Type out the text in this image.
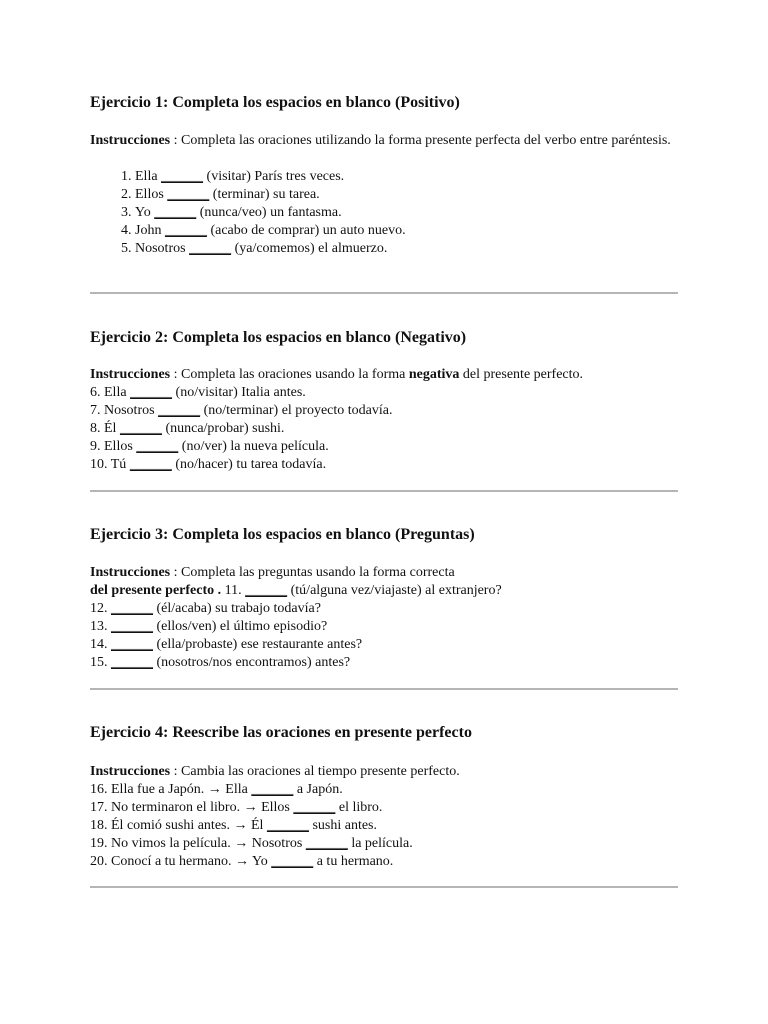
Ejercicio 1: Completa los espacios en blanco (Positivo)

Instrucciones : Completa las oraciones utilizando la forma presente perfecta del verbo entre paréntesis.

1. Ella ______ (visitar) París tres veces.
2. Ellos ______ (terminar) su tarea.
3. Yo ______ (nunca/veo) un fantasma.
4. John ______ (acabo de comprar) un auto nuevo.
5. Nosotros ______ (ya/comemos) el almuerzo.
Ejercicio 2: Completa los espacios en blanco (Negativo)

Instrucciones : Completa las oraciones usando la forma negativa del presente perfecto.

6. Ella ______ (no/visitar) Italia antes.

7. Nosotros ______ (no/terminar) el proyecto todavía.

8. Él ______ (nunca/probar) sushi.

9. Ellos ______ (no/ver) la nueva película.

10. Tú ______ (no/hacer) tu tarea todavía.

Ejercicio 3: Completa los espacios en blanco (Preguntas)

Instrucciones : Completa las preguntas usando la forma correcta

del presente perfecto . 11. ______ (tú/alguna vez/viajaste) al extranjero?

12. ______ (él/acaba) su trabajo todavía?

13. ______ (ellos/ven) el último episodio?

14. ______ (ella/probaste) ese restaurante antes?

15. ______ (nosotros/nos encontramos) antes?

Ejercicio 4: Reescribe las oraciones en presente perfecto

Instrucciones : Cambia las oraciones al tiempo presente perfecto.

16. Ella fue a Japón. → Ella ______ a Japón.

17. No terminaron el libro. → Ellos ______ el libro.

18. Él comió sushi antes. → Él ______ sushi antes.

19. No vimos la película. → Nosotros ______ la película.

20. Conocí a tu hermano. → Yo ______ a tu hermano.
